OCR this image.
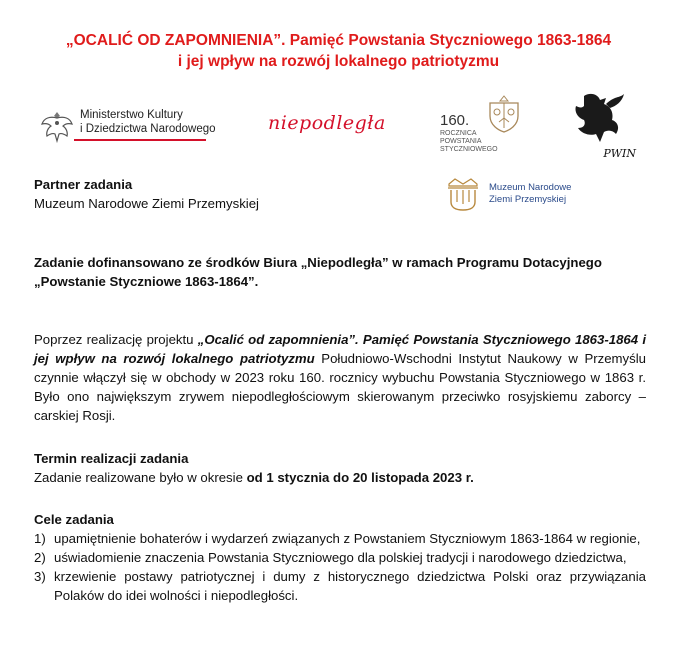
„OCALIĆ OD ZAPOMNIENIA”. Pamięć Powstania Styczniowego 1863-1864
i jej wpływ na rozwój lokalnego patriotyzmu
Ministerstwo Kultury
i Dziedzictwa Narodowego	niepodległa	160.
ROCZNICA
POWSTANIA
STYCZNIOWEGO	PWIN
Partner zadania
Muzeum Narodowe Ziemi Przemyskiej
Muzeum Narodowe
Ziemi Przemyskiej
Zadanie dofinansowano ze środków Biura „Niepodległa” w ramach Programu Dotacyjnego
„Powstanie Styczniowe 1863-1864”.
Poprzez realizację projektu „Ocalić od zapomnienia”. Pamięć Powstania Styczniowego 1863-1864 i jej wpływ na rozwój lokalnego patriotyzmu Południowo-Wschodni Instytut Naukowy w Przemyślu czynnie włączył się w obchody w 2023 roku 160. rocznicy wybuchu Powstania Styczniowego w 1863 r. Było ono największym zrywem niepodległościowym skierowanym przeciwko rosyjskiemu zaborcy – carskiej Rosji.
Termin realizacji zadania
Zadanie realizowane było w okresie od 1 stycznia do 20 listopada 2023 r.
Cele zadania
1) upamiętnienie bohaterów i wydarzeń związanych z Powstaniem Styczniowym 1863-1864 w regionie,
2) uświadomienie znaczenia Powstania Styczniowego dla polskiej tradycji i narodowego dziedzictwa,
3) krzewienie postawy patriotycznej i dumy z historycznego dziedzictwa Polski oraz przywiązania Polaków do idei wolności i niepodległości.
